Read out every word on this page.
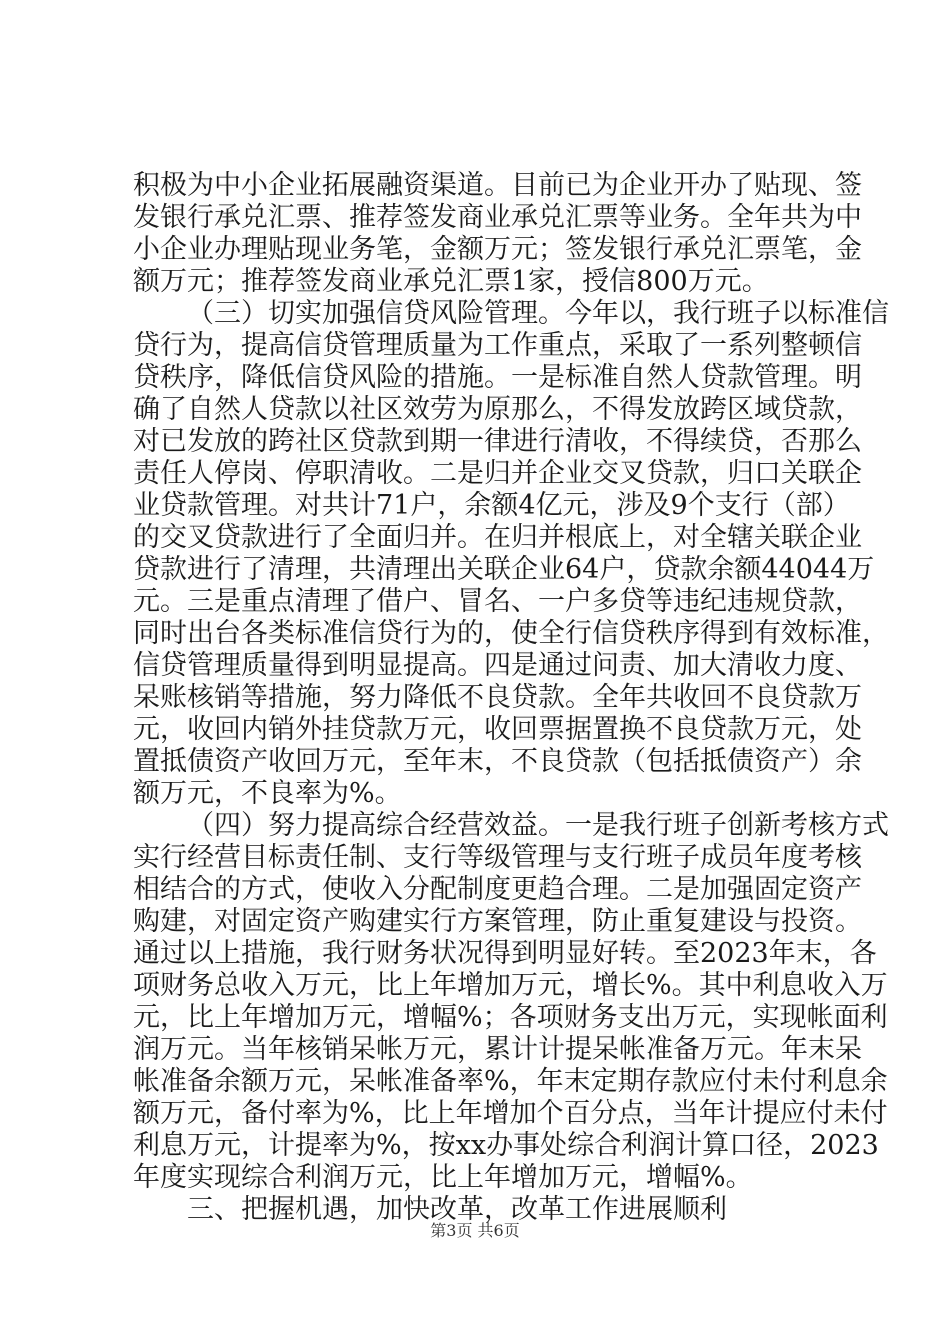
积极为中小企业拓展融资渠道。目前已为企业开办了贴现、签
发银行承兑汇票、推荐签发商业承兑汇票等业务。全年共为中
小企业办理贴现业务笔，金额万元；签发银行承兑汇票笔，金
额万元；推荐签发商业承兑汇票1家，授信800万元。
（三）切实加强信贷风险管理。今年以，我行班子以标准信
贷行为，提高信贷管理质量为工作重点，采取了一系列整顿信
贷秩序，降低信贷风险的措施。一是标准自然人贷款管理。明
确了自然人贷款以社区效劳为原那么，不得发放跨区域贷款，
对已发放的跨社区贷款到期一律进行清收，不得续贷，否那么
责任人停岗、停职清收。二是归并企业交叉贷款，归口关联企
业贷款管理。对共计71户，余额4亿元，涉及9个支行（部）
的交叉贷款进行了全面归并。在归并根底上，对全辖关联企业
贷款进行了清理，共清理出关联企业64户，贷款余额44044万
元。三是重点清理了借户、冒名、一户多贷等违纪违规贷款，
同时出台各类标准信贷行为的，使全行信贷秩序得到有效标准，
信贷管理质量得到明显提高。四是通过问责、加大清收力度、
呆账核销等措施，努力降低不良贷款。全年共收回不良贷款万
元，收回内销外挂贷款万元，收回票据置换不良贷款万元，处
置抵债资产收回万元，至年末，不良贷款（包括抵债资产）余
额万元，不良率为%。
（四）努力提高综合经营效益。一是我行班子创新考核方式
实行经营目标责任制、支行等级管理与支行班子成员年度考核
相结合的方式，使收入分配制度更趋合理。二是加强固定资产
购建，对固定资产购建实行方案管理，防止重复建设与投资。
通过以上措施，我行财务状况得到明显好转。至2023年末，各
项财务总收入万元，比上年增加万元，增长%。其中利息收入万
元，比上年增加万元，增幅%；各项财务支出万元，实现帐面利
润万元。当年核销呆帐万元，累计计提呆帐准备万元。年末呆
帐准备余额万元，呆帐准备率%，年末定期存款应付未付利息余
额万元，备付率为%，比上年增加个百分点，当年计提应付未付
利息万元，计提率为%，按xx办事处综合利润计算口径，2023
年度实现综合利润万元，比上年增加万元，增幅%。
三、把握机遇，加快改革，改革工作进展顺利
第3页 共6页
